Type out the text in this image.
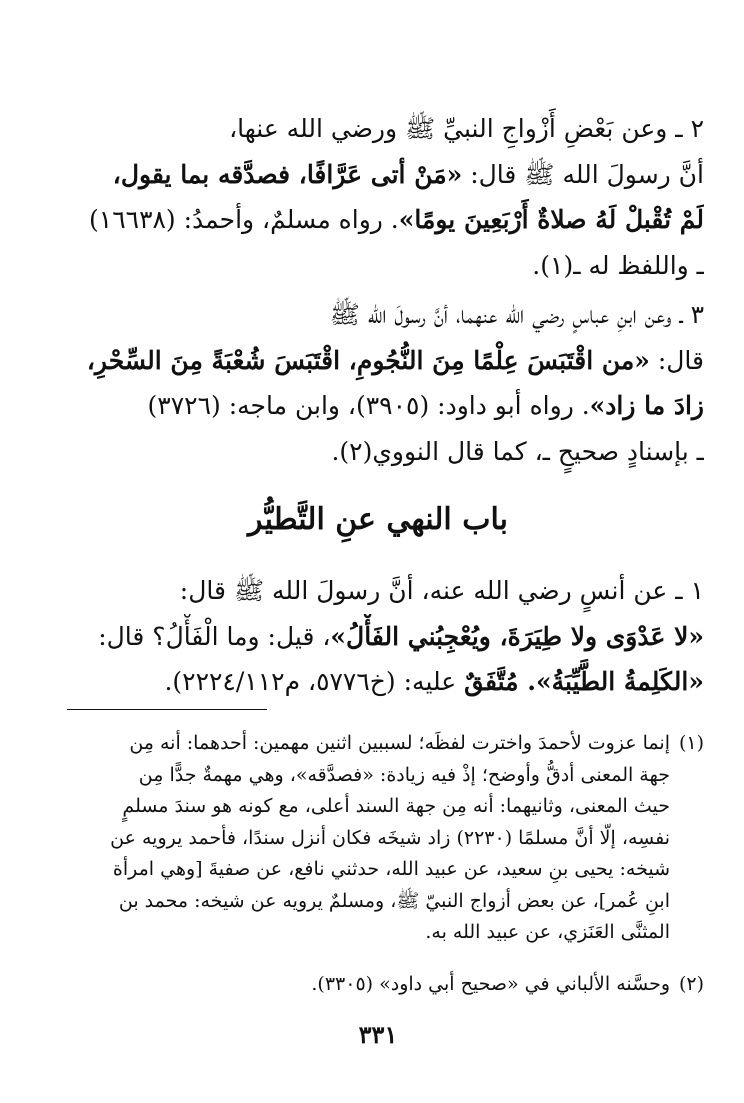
٢ ـ وعن بَعْضِ أَزْواجِ النبيِّ ﷺ ورضي الله عنها،
أنَّ رسولَ الله ﷺ قال: «مَنْ أتى عَرَّافًا، فصدَّقه بما يقول،
لَمْ تُقْبلْ لَهُ صلاةٌ أَرْبَعِينَ يومًا». رواه مسلمٌ، وأحمدُ: (١٦٦٣٨)
ـ واللفظ له ـ(١).
٣ ـ وعن ابنِ عباسٍ رضي الله عنهما، أنَّ رسولَ الله ﷺ
قال: «من اقْتَبَسَ عِلْمًا مِنَ النُّجُومِ، اقْتَبَسَ شُعْبَةً مِنَ السِّحْرِ،
زادَ ما زاد». رواه أبو داود: (٣٩٠٥)، وابن ماجه: (٣٧٢٦)
ـ بإسنادٍ صحيحٍ ـ، كما قال النووي(٢).
باب النهي عنِ التَّطيُّر
١ ـ عن أنسٍ رضي الله عنه، أنَّ رسولَ الله ﷺ قال:
«لا عَدْوَى ولا طِيَرَةَ، ويُعْجِبُني الفَأْلُ»، قيل: وما الْفَأْلُ؟ قال:
«الكَلِمةُ الطَّيِّبَةُ». مُتَّفَقٌ عليه: (خ٥٧٧٦، م٢٢٢٤/١١٢).
(١)إنما عزوت لأحمدَ واخترت لفظَه؛ لسببين اثنين مهمين: أحدهما: أنه مِن
جهة المعنى أدقُّ وأوضح؛ إذْ فيه زيادة: «فصدَّقه»، وهي مهمةٌ جدًّا مِن
حيث المعنى، وثانيهما: أنه مِن جهة السند أعلى، مع كونه هو سندَ مسلمٍ
نفسِه، إلَّا أنَّ مسلمًا (٢٢٣٠) زاد شيخَه فكان أنزل سندًا، فأحمد يرويه عن
شيخه: يحيى بنِ سعيد، عن عبيد الله، حدثني نافع، عن صفيةَ [وهي امرأة
ابنِ عُمر]، عن بعض أزواج النبيّ ﷺ، ومسلمٌ يرويه عن شيخه: محمد بن
المثنَّى العَنَزي، عن عبيد الله به.
(٢)وحسَّنه الألباني في «صحيح أبي داود» (٣٣٠٥).
٣٣١
